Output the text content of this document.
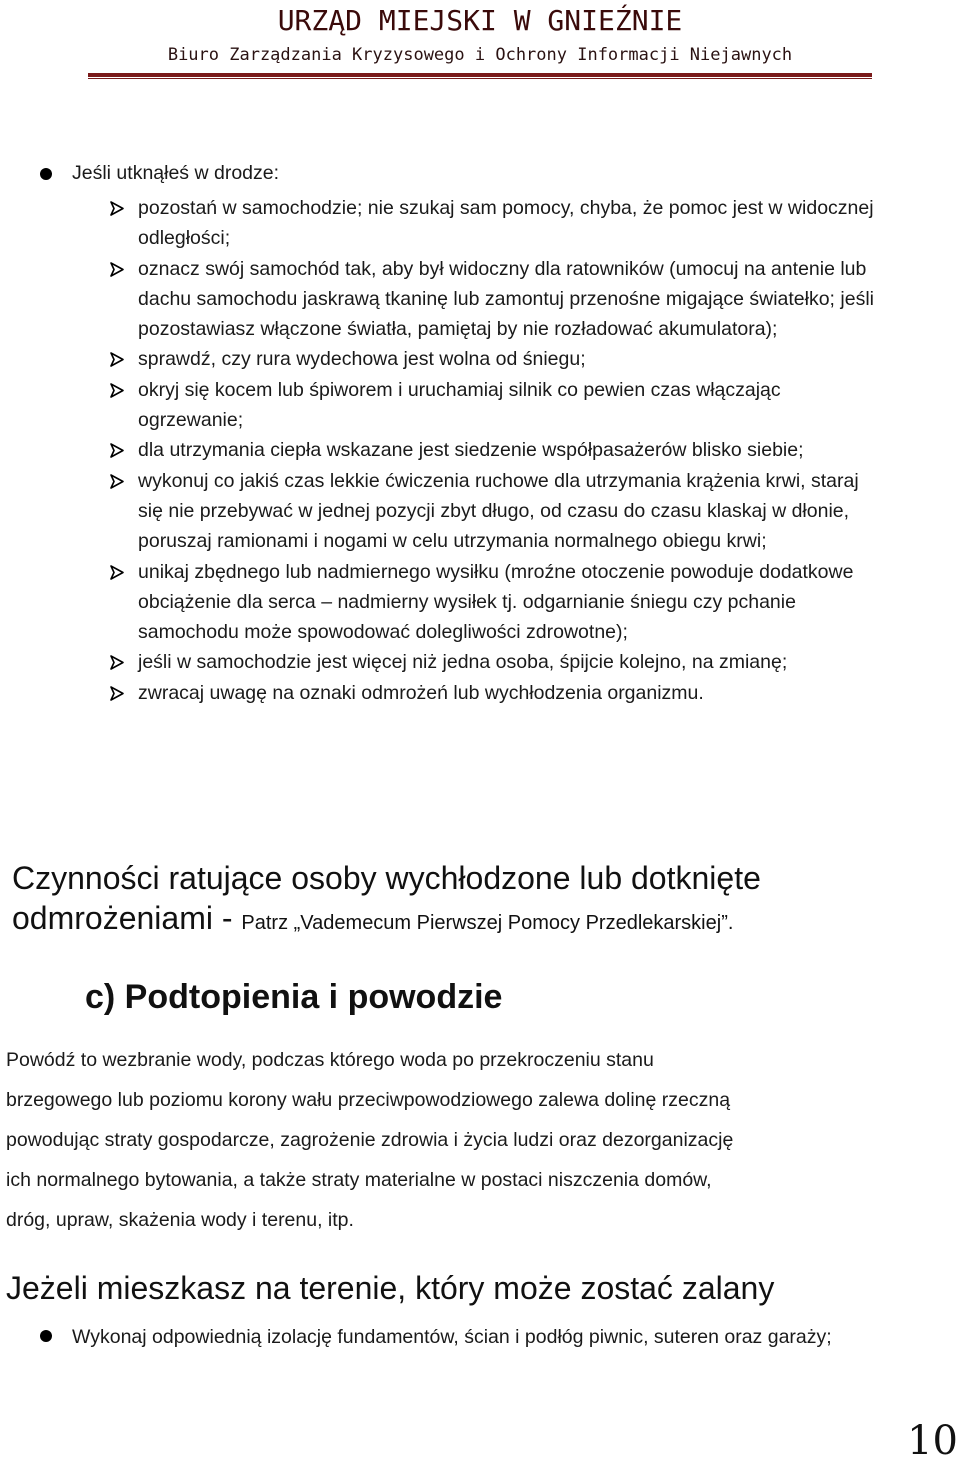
URZĄD MIEJSKI W GNIEŹNIE
Biuro Zarządzania Kryzysowego i Ochrony Informacji Niejawnych
Jeśli utknąłeś w drodze:
pozostań w samochodzie; nie szukaj sam pomocy, chyba, że pomoc jest w widocznej odległości;
oznacz swój samochód tak, aby był widoczny dla ratowników (umocuj na antenie lub dachu samochodu jaskrawą tkaninę lub zamontuj przenośne migające światełko; jeśli pozostawiasz włączone światła, pamiętaj by nie rozładować akumulatora);
sprawdź, czy rura wydechowa jest wolna od śniegu;
okryj się kocem lub śpiworem i uruchamiaj silnik co pewien czas włączając ogrzewanie;
dla utrzymania ciepła wskazane jest siedzenie współpasażerów blisko siebie;
wykonuj co jakiś czas lekkie ćwiczenia ruchowe dla utrzymania krążenia krwi, staraj się nie przebywać w jednej pozycji zbyt długo, od czasu do czasu klaskaj w dłonie, poruszaj ramionami i nogami w celu utrzymania normalnego obiegu krwi;
unikaj zbędnego lub nadmiernego wysiłku (mroźne otoczenie powoduje dodatkowe obciążenie dla serca – nadmierny wysiłek tj. odgarnianie śniegu czy pchanie samochodu może spowodować dolegliwości zdrowotne);
jeśli w samochodzie jest więcej niż jedna osoba, śpijcie kolejno, na zmianę;
zwracaj uwagę na oznaki odmrożeń lub wychłodzenia organizmu.
Czynności ratujące osoby wychłodzone lub dotknięte
odmrożeniami - Patrz „Vademecum Pierwszej Pomocy Przedlekarskiej”.
c) Podtopienia i powodzie
Powódź to wezbranie wody, podczas którego woda po przekroczeniu stanu
brzegowego lub poziomu korony wału przeciwpowodziowego zalewa dolinę rzeczną
powodując straty gospodarcze, zagrożenie zdrowia i życia ludzi oraz dezorganizację
ich normalnego bytowania, a także straty materialne w postaci niszczenia domów,
dróg, upraw, skażenia wody i terenu, itp.
Jeżeli mieszkasz na terenie, który może zostać zalany
Wykonaj odpowiednią izolację fundamentów, ścian i podłóg piwnic, suteren oraz garaży;
10
